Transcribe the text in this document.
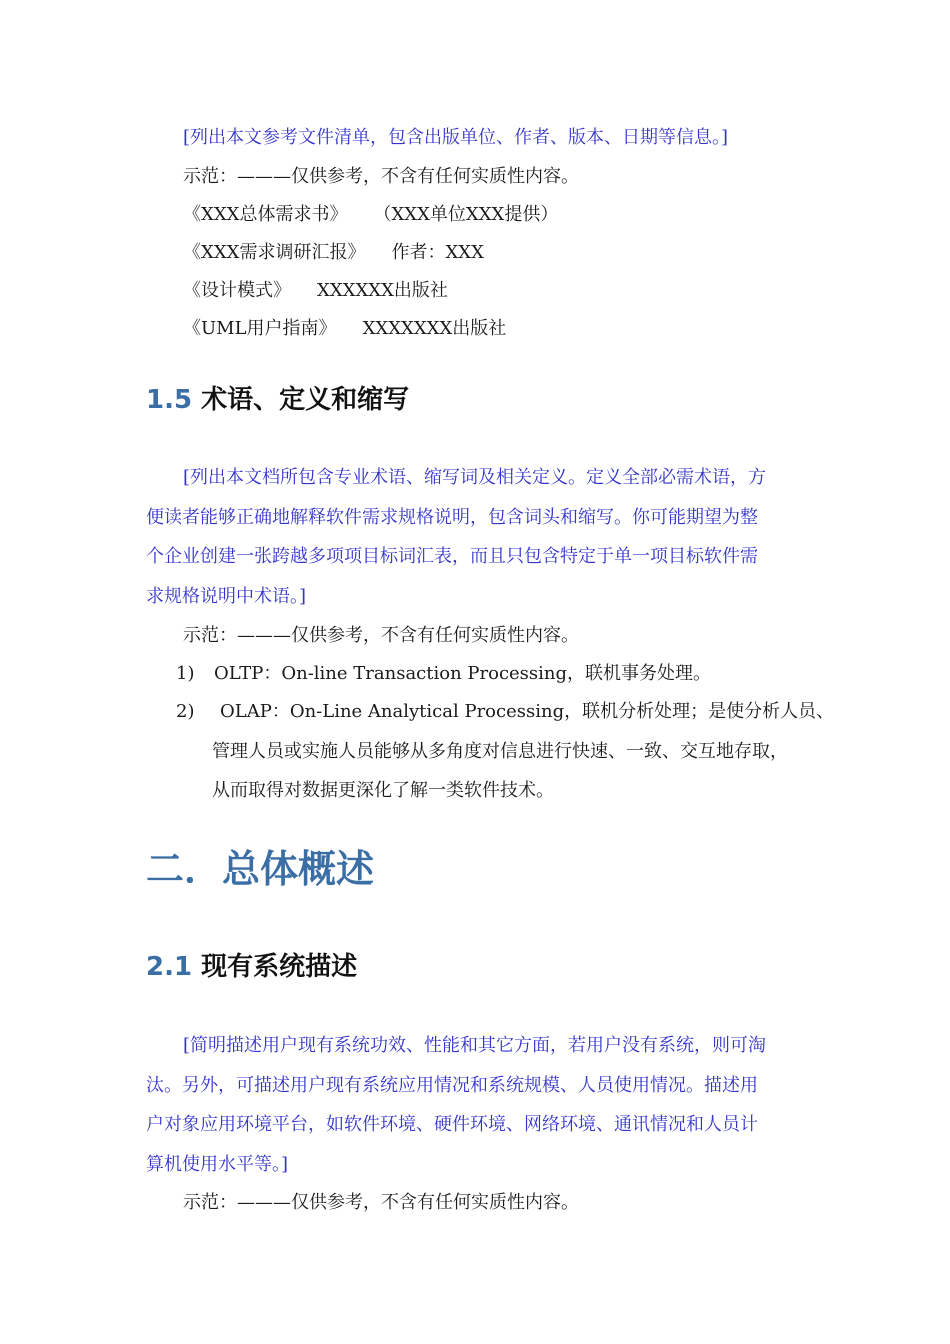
[列出本文参考文件清单，包含出版单位、作者、版本、日期等信息。]

示范：———仅供参考，不含有任何实质性内容。

《XXX总体需求书》 （XXX单位XXX提供）

《XXX需求调研汇报》 作者：XXX

《设计模式》 XXXXXX出版社

《UML用户指南》 XXXXXXX出版社

1.5 术语、定义和缩写
[列出本文档所包含专业术语、缩写词及相关定义。定义全部必需术语，方
便读者能够正确地解释软件需求规格说明，包含词头和缩写。你可能期望为整
个企业创建一张跨越多项项目标词汇表，而且只包含特定于单一项目标软件需
求规格说明中术语。]

示范：———仅供参考，不含有任何实质性内容。

1) OLTP：On-line Transaction Processing，联机事务处理。

2) OLAP：On-Line Analytical Processing，联机分析处理；是使分析人员、

管理人员或实施人员能够从多角度对信息进行快速、一致、交互地存取，

从而取得对数据更深化了解一类软件技术。

二．总体概述
2.1 现有系统描述
[简明描述用户现有系统功效、性能和其它方面，若用户没有系统，则可淘
汰。另外，可描述用户现有系统应用情况和系统规模、人员使用情况。描述用
户对象应用环境平台，如软件环境、硬件环境、网络环境、通讯情况和人员计
算机使用水平等。]

示范：———仅供参考，不含有任何实质性内容。
